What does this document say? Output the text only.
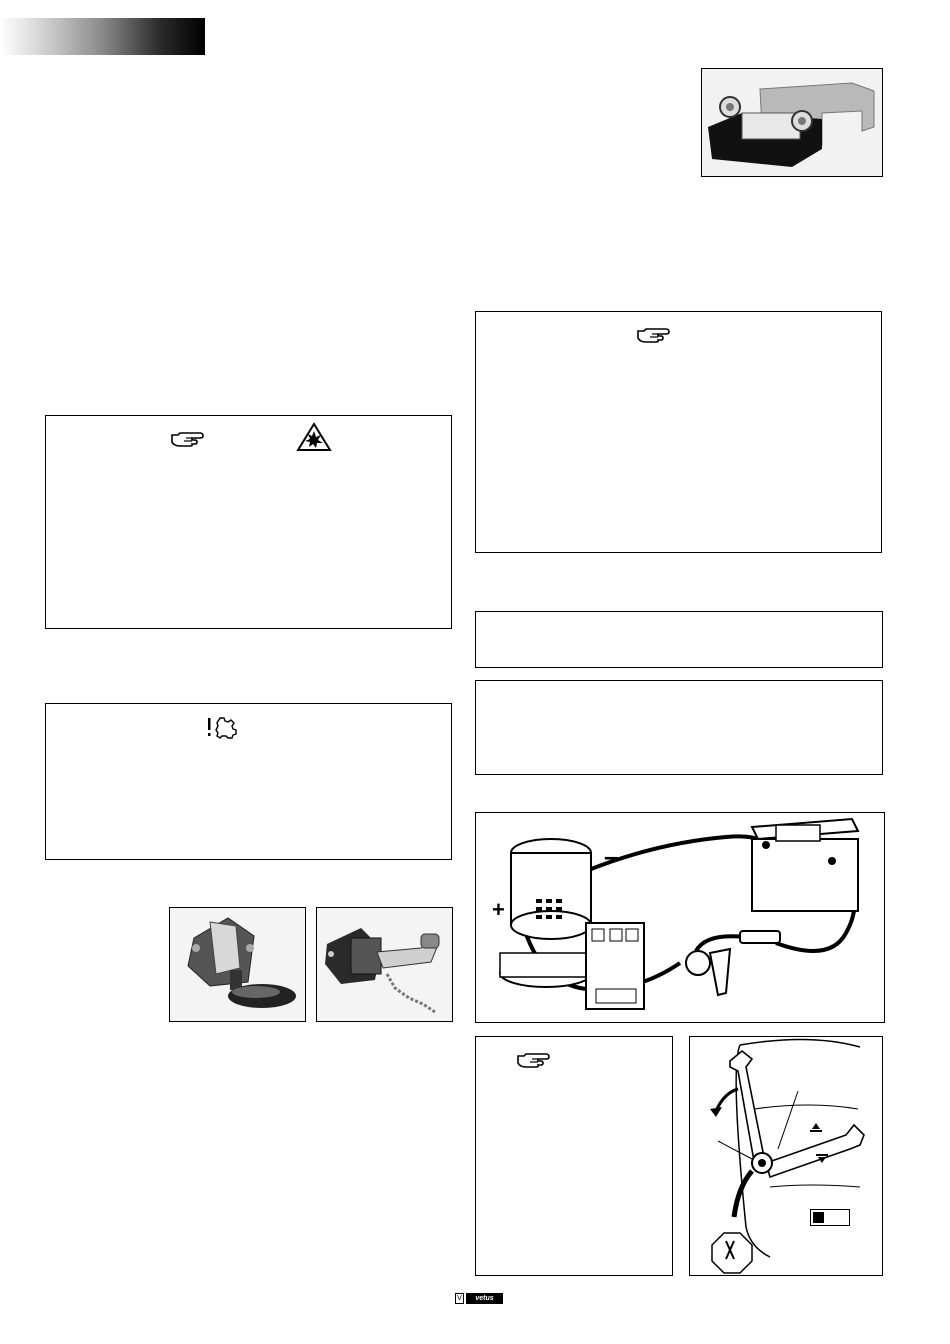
+
–
V	vetus
